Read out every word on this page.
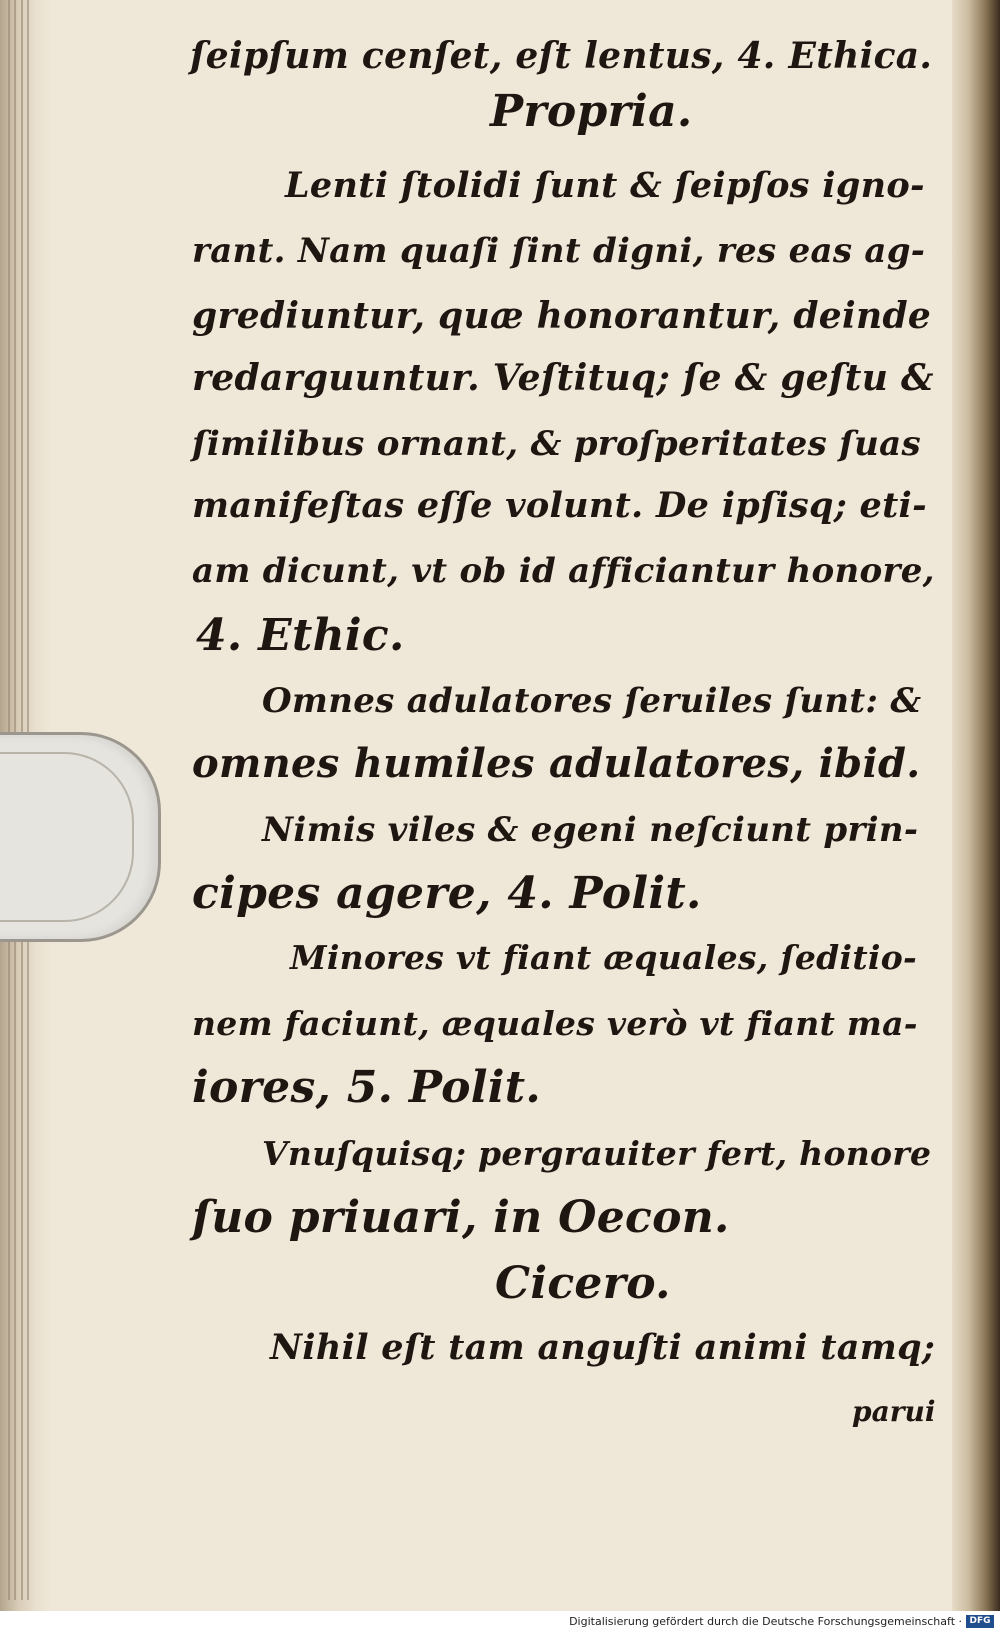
ſeipſum cenſet, eſt lentus, 4. Ethica.
Propria.
Lenti ſtolidi ſunt & ſeipſos igno-
rant. Nam quaſi ſint digni, res eas ag-
grediuntur, quæ honorantur, deinde
redarguuntur. Veſtituq; ſe & geſtu &
ſimilibus ornant, & proſperitates ſuas
manifeſtas eſſe volunt. De ipſisq; eti-
am dicunt, vt ob id afficiantur honore,
4. Ethic.
Omnes adulatores ſeruiles ſunt: &
omnes humiles adulatores, ibid.
Nimis viles & egeni neſciunt prin-
cipes agere, 4. Polit.
Minores vt fiant æquales, ſeditio-
nem faciunt, æquales verò vt fiant ma-
iores, 5. Polit.
Vnuſquisq; pergrauiter fert, honore
ſuo priuari, in Oecon.
Cicero.
Nihil eſt tam anguſti animi tamq;
parui
Digitalisierung gefördert durch die Deutsche Forschungsgemeinschaft · DFG
